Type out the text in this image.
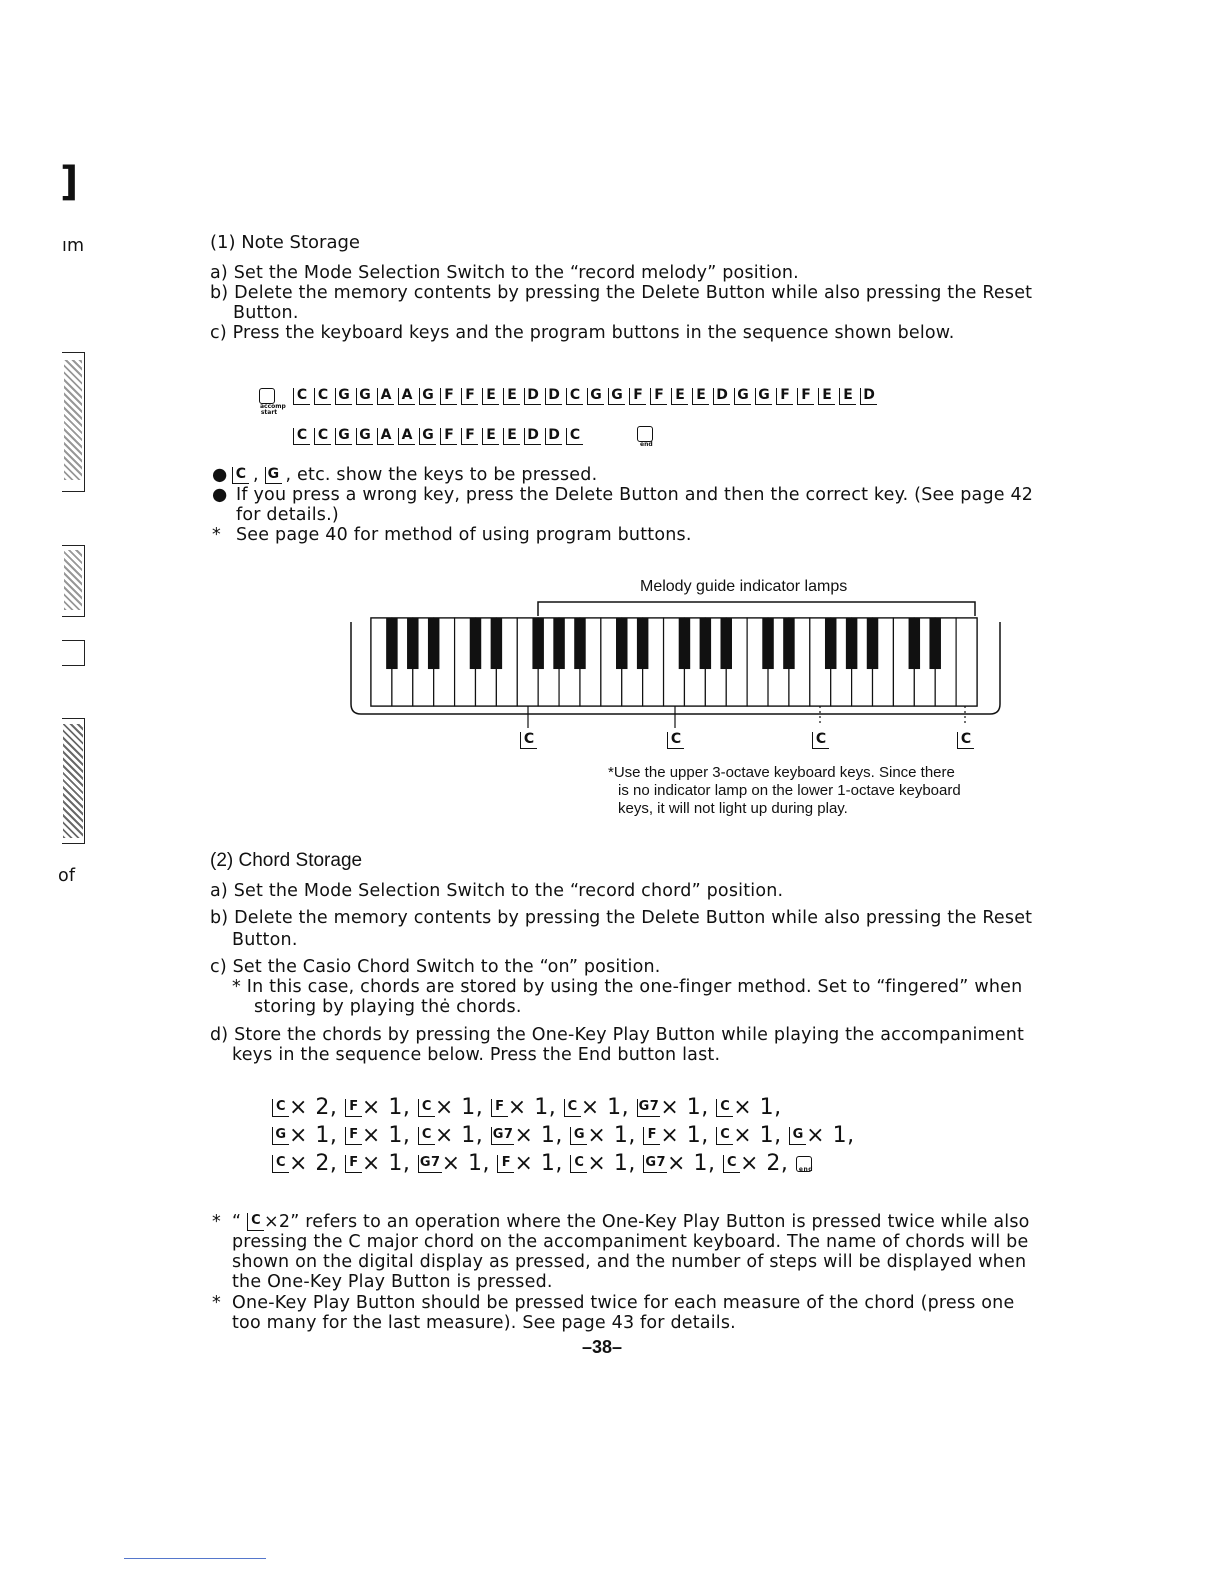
]
ım
of
(1) Note Storage
a) Set the Mode Selection Switch to the “record melody” position.
b) Delete the memory contents by pressing the Delete Button while also pressing the Reset
Button.
c) Press the keyboard keys and the program buttons in the sequence shown below.
accomp start
C C G G A A G F F E E D D C G G F F E E D G G F F E E D
C C G G A A G F F E E D D C
end
● C , G , etc. show the keys to be pressed.
● If you press a wrong key, press the Delete Button and then the correct key. (See page 42
for details.)
* See page 40 for method of using program buttons.
Melody guide indicator lamps
C	C	C	C
*Use the upper 3-octave keyboard keys. Since there
is no indicator lamp on the lower 1-octave keyboard
keys, it will not light up during play.
(2) Chord Storage
a) Set the Mode Selection Switch to the “record chord” position.
b) Delete the memory contents by pressing the Delete Button while also pressing the Reset
Button.
c) Set the Casio Chord Switch to the “on” position.
* In this case, chords are stored by using the one-finger method. Set to “fingered” when
storing by playing thė chords.
d) Store the chords by pressing the One-Key Play Button while playing the accompaniment
keys in the sequence below. Press the End button last.
C × 2, F × 1, C × 1, F × 1, C × 1, G7× 1, C × 1,
G × 1, F × 1, C × 1, G7× 1, G × 1, F × 1, C × 1, G × 1,
C × 2, F × 1, G7× 1, F × 1, C × 1, G7× 1, C × 2, end
* “ C ×2” refers to an operation where the One-Key Play Button is pressed twice while also
pressing the C major chord on the accompaniment keyboard. The name of chords will be
shown on the digital display as pressed, and the number of steps will be displayed when
the One-Key Play Button is pressed.
* One-Key Play Button should be pressed twice for each measure of the chord (press one
too many for the last measure). See page 43 for details.
–38–
